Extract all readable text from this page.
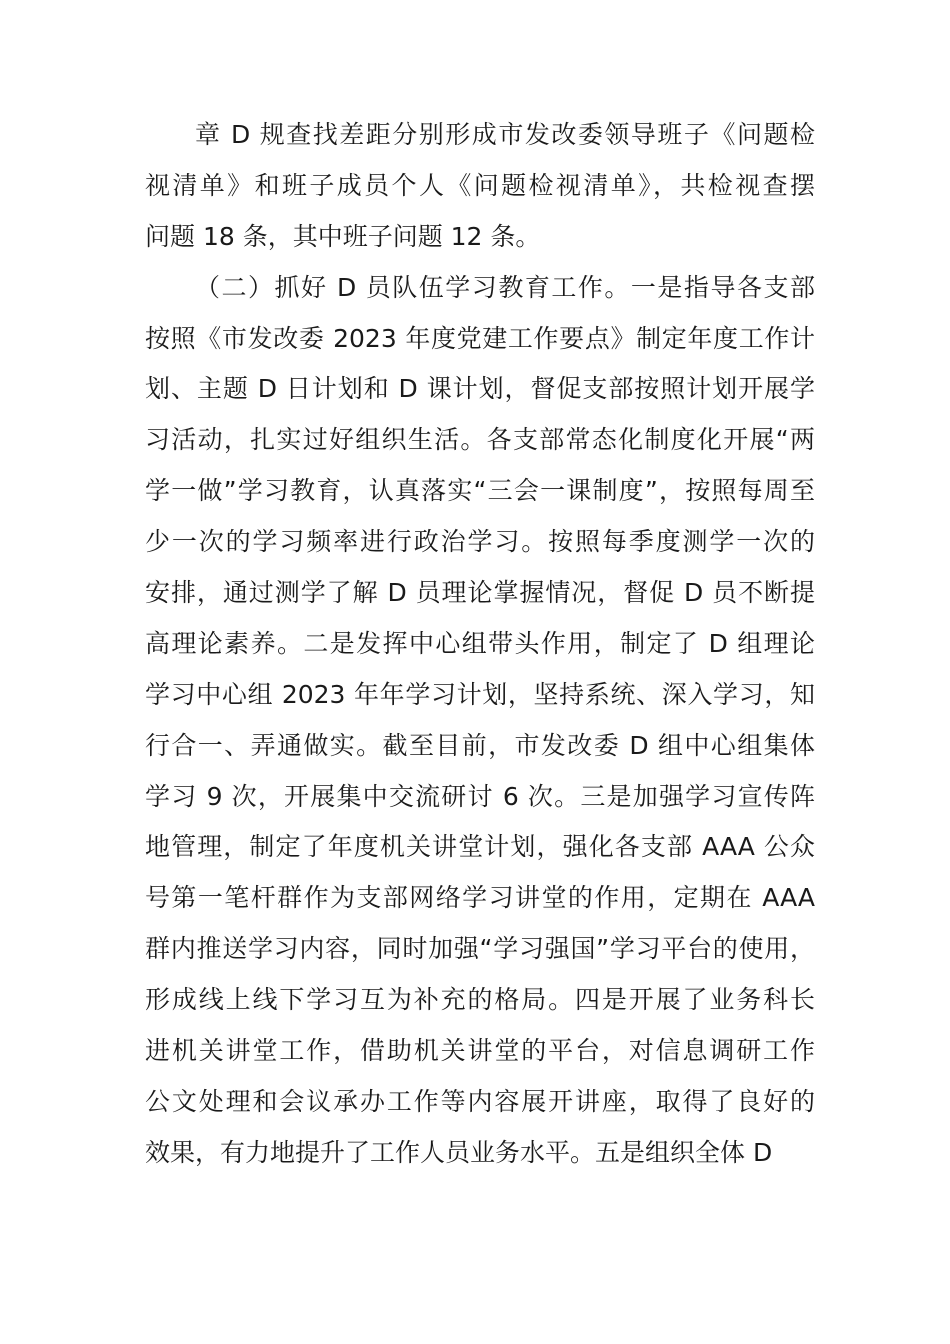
章 D 规查找差距分别形成市发改委领导班子《问题检
视清单》和班子成员个人《问题检视清单》，共检视查摆
问题 18 条，其中班子问题 12 条。
（二）抓好 D 员队伍学习教育工作。一是指导各支部
按照《市发改委 2023 年度党建工作要点》制定年度工作计
划、主题 D 日计划和 D 课计划，督促支部按照计划开展学
习活动，扎实过好组织生活。各支部常态化制度化开展“两
学一做”学习教育，认真落实“三会一课制度”，按照每周至
少一次的学习频率进行政治学习。按照每季度测学一次的
安排，通过测学了解 D 员理论掌握情况，督促 D 员不断提
高理论素养。二是发挥中心组带头作用，制定了 D 组理论
学习中心组 2023 年年学习计划，坚持系统、深入学习，知
行合一、弄通做实。截至目前，市发改委 D 组中心组集体
学习 9 次，开展集中交流研讨 6 次。三是加强学习宣传阵
地管理，制定了年度机关讲堂计划，强化各支部 AAA 公众
号第一笔杆群作为支部网络学习讲堂的作用，定期在 AAA
群内推送学习内容，同时加强“学习强国”学习平台的使用，
形成线上线下学习互为补充的格局。四是开展了业务科长
进机关讲堂工作，借助机关讲堂的平台，对信息调研工作
公文处理和会议承办工作等内容展开讲座，取得了良好的
效果，有力地提升了工作人员业务水平。五是组织全体 D
